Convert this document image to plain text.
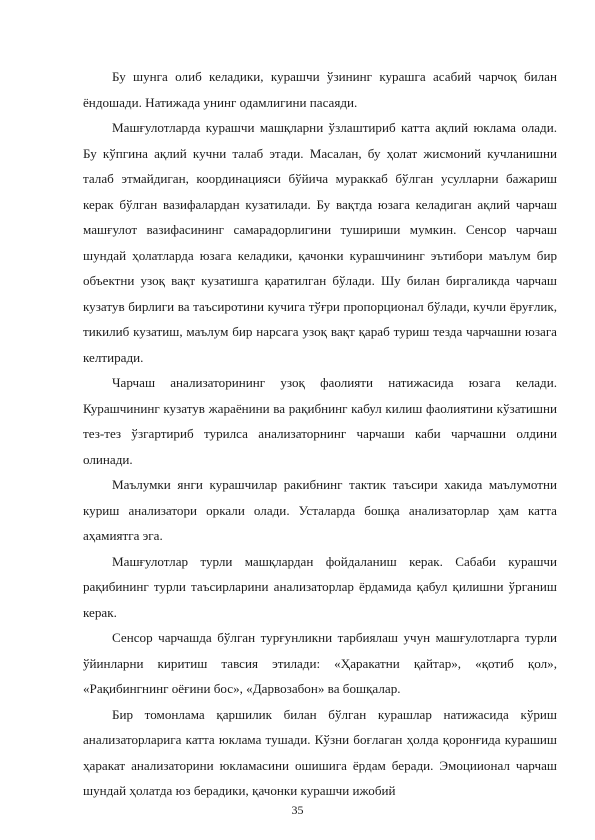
Бу шунга олиб келадики, курашчи ўзининг курашга асабий чарчоқ билан ёндошади. Натижада унинг одамлигини пасаяди.

Машғулотларда курашчи машқларни ўзлаштириб катта ақлий юклама олади. Бу кўпгина ақлий кучни талаб этади. Масалан, бу ҳолат жисмоний кучланишни талаб этмайдиган, координацияси бўйича мураккаб бўлган усулларни бажариш керак бўлган вазифалардан кузатилади. Бу вақтда юзага келадиган ақлий чарчаш машғулот вазифасининг самарадорлигини тушириши мумкин. Сенсор чарчаш шундай ҳолатларда юзага келадики, қачонки курашчининг эътибори маълум бир объектни узоқ вақт кузатишга қаратилган бўлади. Шу билан биргаликда чарчаш кузатув бирлиги ва таъсиротини кучига тўғри пропорционал бўлади, кучли ёруғлик, тикилиб кузатиш, маълум бир нарсага узоқ вақт қараб туриш тезда чарчашни юзага келтиради.

Чарчаш анализаторининг узоқ фаолияти натижасида юзага келади. Курашчининг кузатув жараёнини ва рақибнинг кабул килиш фаолиятини кўзатишни тез-тез ўзгартириб турилса анализаторнинг чарчаши каби чарчашни олдини олинади.

Маълумки янги курашчилар ракибнинг тактик таъсири хакида маълумотни куриш анализатори оркали олади. Усталарда бошқа анализаторлар ҳам катта аҳамиятга эга.

Машғулотлар турли машқлардан фойдаланиш керак. Сабаби курашчи рақибининг турли таъсирларини анализаторлар ёрдамида қабул қилишни ўрганиш керак.

Сенсор чарчашда бўлган турғунликни тарбиялаш учун машғулотларга турли ўйинларни киритиш тавсия этилади: «Ҳаракатни қайтар», «қотиб қол», «Рақибингнинг оёғини бос», «Дарвозабон» ва бошқалар.

Бир томонлама қаршилик билан бўлган курашлар натижасида кўриш анализаторларига катта юклама тушади. Кўзни боғлаган ҳолда қоронғида курашиш ҳаракат анализаторини юкламасини ошишига ёрдам беради. Эмоциионал чарчаш шундай ҳолатда юз берадики, қачонки курашчи ижобий

35
